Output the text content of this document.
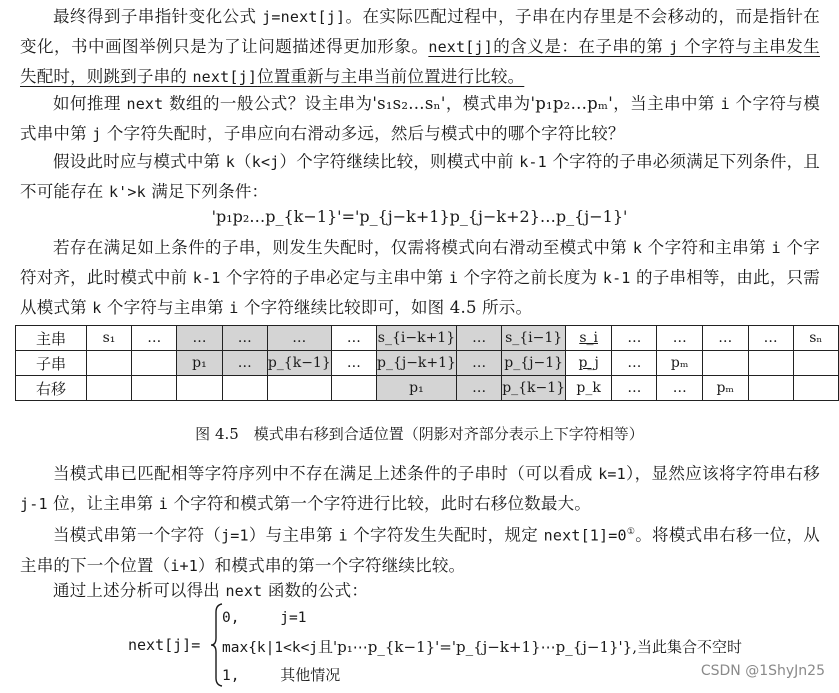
最终得到子串指针变化公式 j=next[j]。在实际匹配过程中，子串在内存里是不会移动的，而是指针在变化，书中画图举例只是为了让问题描述得更加形象。next[j]的含义是：在子串的第 j 个字符与主串发生失配时，则跳到子串的 next[j]位置重新与主串当前位置进行比较。

如何推理 next 数组的一般公式？设主串为's₁s₂…sₙ'，模式串为'p₁p₂…pₘ'，当主串中第 i 个字符与模式串中第 j 个字符失配时，子串应向右滑动多远，然后与模式中的哪个字符比较？

假设此时应与模式中第 k（k<j）个字符继续比较，则模式中前 k-1 个字符的子串必须满足下列条件，且不可能存在 k'>k 满足下列条件：

'p₁p₂…p_{k−1}'='p_{j−k+1}p_{j−k+2}…p_{j−1}'

若存在满足如上条件的子串，则发生失配时，仅需将模式向右滑动至模式中第 k 个字符和主串第 i 个字符对齐，此时模式中前 k-1 个字符的子串必定与主串中第 i 个字符之前长度为 k-1 的子串相等，由此，只需从模式第 k 个字符与主串第 i 个字符继续比较即可，如图 4.5 所示。

主串	s₁	…	…	…	…	…	s_{i−k+1}	…	s_{i−1}	s_i	…	…	…	…	sₙ
子串			p₁	…	p_{k−1}	…	p_{j−k+1}	…	p_{j−1}	p_j	…	pₘ			
右移							p₁	…	p_{k−1}	p_k	…	…	pₘ		
图 4.5　模式串右移到合适位置（阴影对齐部分表示上下字符相等）

当模式串已匹配相等字符序列中不存在满足上述条件的子串时（可以看成 k=1），显然应该将字符串右移 j-1 位，让主串第 i 个字符和模式第一个字符进行比较，此时右移位数最大。

当模式串第一个字符（j=1）与主串第 i 个字符发生失配时，规定 next[1]=0①。将模式串右移一位，从主串的下一个位置（i+1）和模式串的第一个字符继续比较。

通过上述分析可以得出 next 函数的公式：

next[j]=
0,	j=1
max{k|1<k<j且'p₁⋯p_{k−1}'='p_{j−k+1}⋯p_{j−1}'},当此集合不空时
1,	其他情况	CSDN @1ShyJn25
